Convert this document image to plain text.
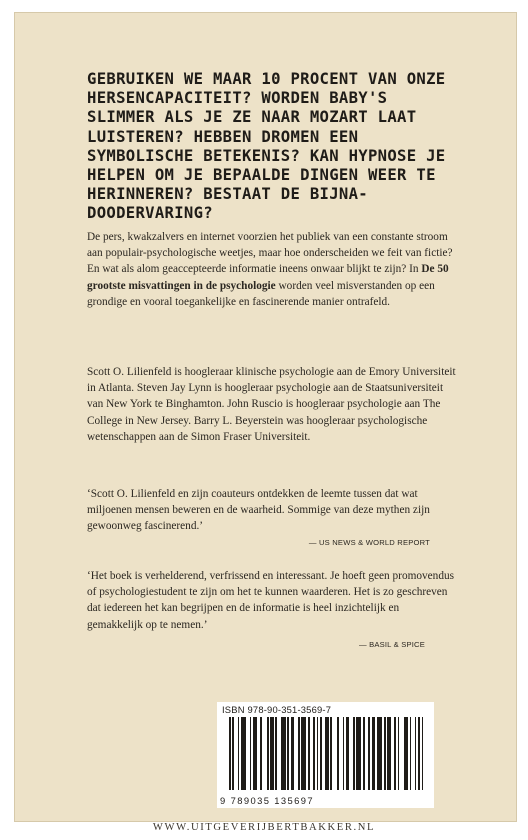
GEBRUIKEN WE MAAR 10 PROCENT VAN ONZE HERSENCAPACITEIT? WORDEN BABY'S SLIMMER ALS JE ZE NAAR MOZART LAAT LUISTEREN? HEBBEN DROMEN EEN SYMBOLISCHE BETEKENIS? KAN HYPNOSE JE HELPEN OM JE BEPAALDE DINGEN WEER TE HERINNEREN? BESTAAT DE BIJNA-DOODERVARING?

De pers, kwakzalvers en internet voorzien het publiek van een constante stroom aan populair-psychologische weetjes, maar hoe onderscheiden we feit van fictie? En wat als alom geaccepteerde informatie ineens onwaar blijkt te zijn? In De 50 grootste misvattingen in de psychologie worden veel misverstanden op een grondige en vooral toegankelijke en fascinerende manier ontrafeld.

Scott O. Lilienfeld is hoogleraar klinische psychologie aan de Emory Universiteit in Atlanta. Steven Jay Lynn is hoogleraar psychologie aan de Staatsuniversiteit van New York te Binghamton. John Ruscio is hoogleraar psychologie aan The College in New Jersey. Barry L. Beyerstein was hoogleraar psychologische wetenschappen aan de Simon Fraser Universiteit.

‘Scott O. Lilienfeld en zijn coauteurs ontdekken de leemte tussen dat wat miljoenen mensen beweren en de waarheid. Sommige van deze mythen zijn gewoonweg fascinerend.’

— US NEWS & WORLD REPORT

‘Het boek is verhelderend, verfrissend en interessant. Je hoeft geen promovendus of psychologiestudent te zijn om het te kunnen waarderen. Het is zo geschreven dat iedereen het kan begrijpen en de informatie is heel inzichtelijk en gemakkelijk op te nemen.’

— BASIL & SPICE
ISBN 978-90-351-3569-7
9 789035 135697
WWW.UITGEVERIJBERTBAKKER.NL
